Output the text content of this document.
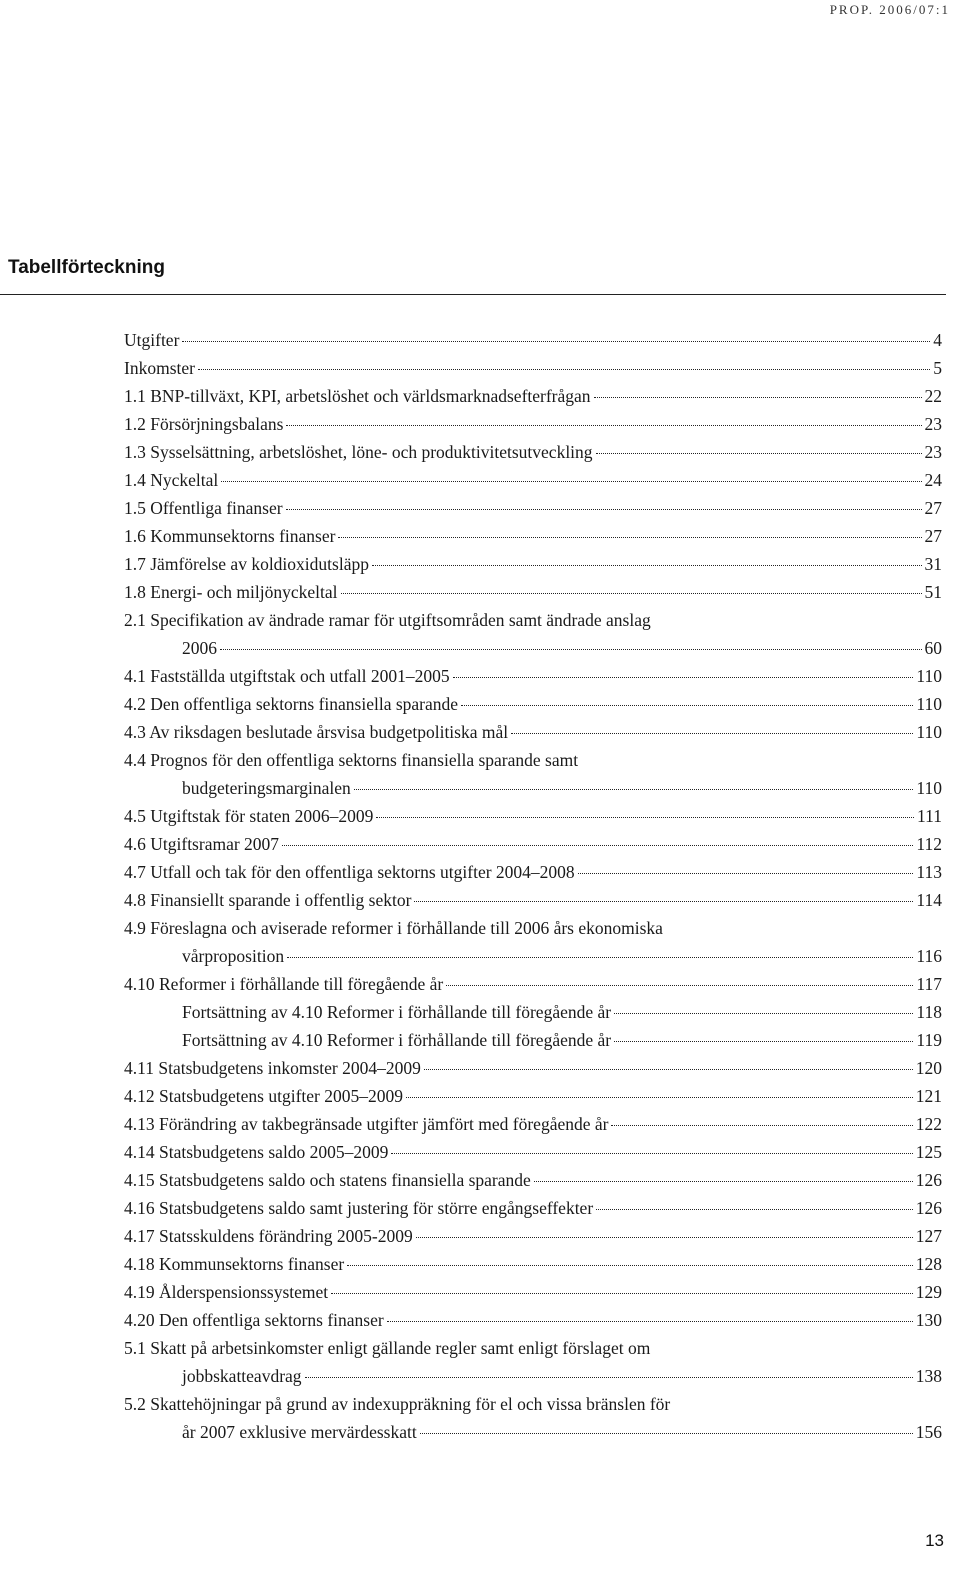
PROP. 2006/07:1
Tabellförteckning
Utgifter	4
Inkomster	5
1.1 BNP-tillväxt, KPI, arbetslöshet och världsmarknadsefterfrågan	22
1.2 Försörjningsbalans	23
1.3 Sysselsättning, arbetslöshet, löne- och produktivitetsutveckling	23
1.4 Nyckeltal	24
1.5 Offentliga finanser	27
1.6 Kommunsektorns finanser	27
1.7 Jämförelse av koldioxidutsläpp	31
1.8 Energi- och miljönyckeltal	51
2.1 Specifikation av ändrade ramar för utgiftsområden samt ändrade anslag
2006	60
4.1 Fastställda utgiftstak och utfall 2001–2005	110
4.2 Den offentliga sektorns finansiella sparande	110
4.3 Av riksdagen beslutade årsvisa budgetpolitiska mål	110
4.4 Prognos för den offentliga sektorns finansiella sparande samt
budgeteringsmarginalen	110
4.5 Utgiftstak för staten 2006–2009	111
4.6 Utgiftsramar 2007	112
4.7 Utfall och tak för den offentliga sektorns utgifter 2004–2008	113
4.8 Finansiellt sparande i offentlig sektor	114
4.9 Föreslagna och aviserade reformer i förhållande till 2006 års ekonomiska
vårproposition	116
4.10 Reformer i förhållande till föregående år	117
Fortsättning av 4.10 Reformer i förhållande till föregående år	118
Fortsättning av 4.10 Reformer i förhållande till föregående år	119
4.11 Statsbudgetens inkomster 2004–2009	120
4.12 Statsbudgetens utgifter 2005–2009	121
4.13 Förändring av takbegränsade utgifter jämfört med föregående år	122
4.14 Statsbudgetens saldo 2005–2009	125
4.15 Statsbudgetens saldo och statens finansiella sparande	126
4.16 Statsbudgetens saldo samt justering för större engångseffekter	126
4.17 Statsskuldens förändring 2005-2009	127
4.18 Kommunsektorns finanser	128
4.19 Ålderspensionssystemet	129
4.20 Den offentliga sektorns finanser	130
5.1 Skatt på arbetsinkomster enligt gällande regler samt enligt förslaget om
jobbskatteavdrag	138
5.2 Skattehöjningar på grund av indexuppräkning för el och vissa bränslen för
år 2007 exklusive mervärdesskatt	156
13
